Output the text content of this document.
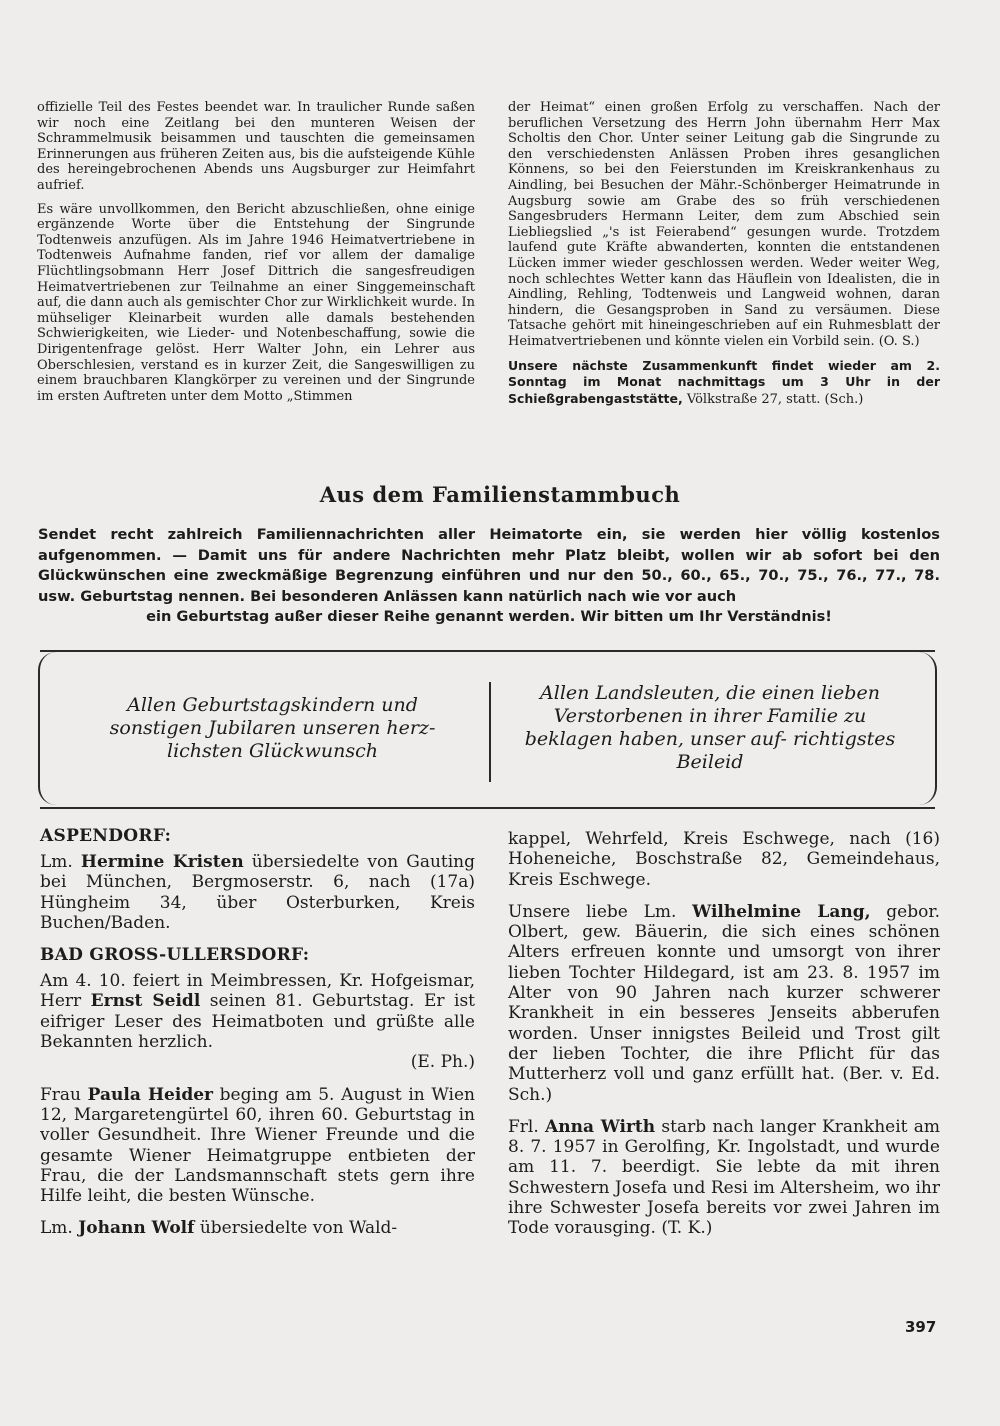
offizielle Teil des Festes beendet war. In traulicher Runde saßen wir noch eine Zeitlang bei den munteren Weisen der Schrammelmusik beisammen und tauschten die gemeinsamen Erinnerungen aus früheren Zeiten aus, bis die aufsteigende Kühle des hereingebrochenen Abends uns Augsburger zur Heimfahrt aufrief.

Es wäre unvollkommen, den Bericht abzuschließen, ohne einige ergänzende Worte über die Entstehung der Singrunde Todtenweis anzufügen. Als im Jahre 1946 Heimatvertriebene in Todtenweis Aufnahme fanden, rief vor allem der damalige Flüchtlingsobmann Herr Josef Dittrich die sangesfreudigen Heimatvertriebenen zur Teilnahme an einer Singgemeinschaft auf, die dann auch als gemischter Chor zur Wirklichkeit wurde. In mühseliger Kleinarbeit wurden alle damals bestehenden Schwierigkeiten, wie Lieder- und Notenbeschaffung, sowie die Dirigentenfrage gelöst. Herr Walter John, ein Lehrer aus Oberschlesien, verstand es in kurzer Zeit, die Sangeswilligen zu einem brauchbaren Klangkörper zu vereinen und der Singrunde im ersten Auftreten unter dem Motto „Stimmen

der Heimat“ einen großen Erfolg zu verschaffen. Nach der beruflichen Versetzung des Herrn John übernahm Herr Max Scholtis den Chor. Unter seiner Leitung gab die Singrunde zu den verschiedensten Anlässen Proben ihres gesanglichen Könnens, so bei den Feierstunden im Kreiskrankenhaus zu Aindling, bei Besuchen der Mähr.-Schönberger Heimatrunde in Augsburg sowie am Grabe des so früh verschiedenen Sangesbruders Hermann Leiter, dem zum Abschied sein Liebliegslied „'s ist Feierabend“ gesungen wurde. Trotzdem laufend gute Kräfte abwanderten, konnten die entstandenen Lücken immer wieder geschlossen werden. Weder weiter Weg, noch schlechtes Wetter kann das Häuflein von Idealisten, die in Aindling, Rehling, Todtenweis und Langweid wohnen, daran hindern, die Gesangsproben in Sand zu versäumen. Diese Tatsache gehört mit hineingeschrieben auf ein Ruhmesblatt der Heimatvertriebenen und könnte vielen ein Vorbild sein. (O. S.)

Unsere nächste Zusammenkunft findet wieder am 2. Sonntag im Monat nachmittags um 3 Uhr in der Schießgrabengaststätte, Völkstraße 27, statt. (Sch.)

Aus dem Familienstammbuch
Sendet recht zahlreich Familiennachrichten aller Heimatorte ein, sie werden hier völlig kostenlos aufgenommen. — Damit uns für andere Nachrichten mehr Platz bleibt, wollen wir ab sofort bei den Glückwünschen eine zweckmäßige Begrenzung einführen und nur den 50., 60., 65., 70., 75., 76., 77., 78. usw. Geburtstag nennen. Bei besonderen Anlässen kann natürlich nach wie vor auch
ein Geburtstag außer dieser Reihe genannt werden. Wir bitten um Ihr Verständnis!
Allen Geburtstagskindern und sonstigen Jubilaren unseren herz- lichsten Glückwunsch
Allen Landsleuten, die einen lieben Verstorbenen in ihrer Familie zu beklagen haben, unser auf- richtigstes Beileid
ASPENDORF:

Lm. Hermine Kristen übersiedelte von Gauting bei München, Bergmoserstr. 6, nach (17a) Hüngheim 34, über Osterburken, Kreis Buchen/Baden.

BAD GROSS-ULLERSDORF:

Am 4. 10. feiert in Meimbressen, Kr. Hofgeismar, Herr Ernst Seidl seinen 81. Geburtstag. Er ist eifriger Leser des Heimatboten und grüßte alle Bekannten herzlich.
(E. Ph.)

Frau Paula Heider beging am 5. August in Wien 12, Margaretengürtel 60, ihren 60. Geburtstag in voller Gesundheit. Ihre Wiener Freunde und die gesamte Wiener Heimatgruppe entbieten der Frau, die der Landsmannschaft stets gern ihre Hilfe leiht, die besten Wünsche.

Lm. Johann Wolf übersiedelte von Wald-

kappel, Wehrfeld, Kreis Eschwege, nach (16) Hoheneiche, Boschstraße 82, Gemeindehaus, Kreis Eschwege.

Unsere liebe Lm. Wilhelmine Lang, gebor. Olbert, gew. Bäuerin, die sich eines schönen Alters erfreuen konnte und umsorgt von ihrer lieben Tochter Hildegard, ist am 23. 8. 1957 im Alter von 90 Jahren nach kurzer schwerer Krankheit in ein besseres Jenseits abberufen worden. Unser innigstes Beileid und Trost gilt der lieben Tochter, die ihre Pflicht für das Mutterherz voll und ganz erfüllt hat. (Ber. v. Ed. Sch.)

Frl. Anna Wirth starb nach langer Krankheit am 8. 7. 1957 in Gerolfing, Kr. Ingolstadt, und wurde am 11. 7. beerdigt. Sie lebte da mit ihren Schwestern Josefa und Resi im Altersheim, wo ihr ihre Schwester Josefa bereits vor zwei Jahren im Tode vorausging. (T. K.)

397
